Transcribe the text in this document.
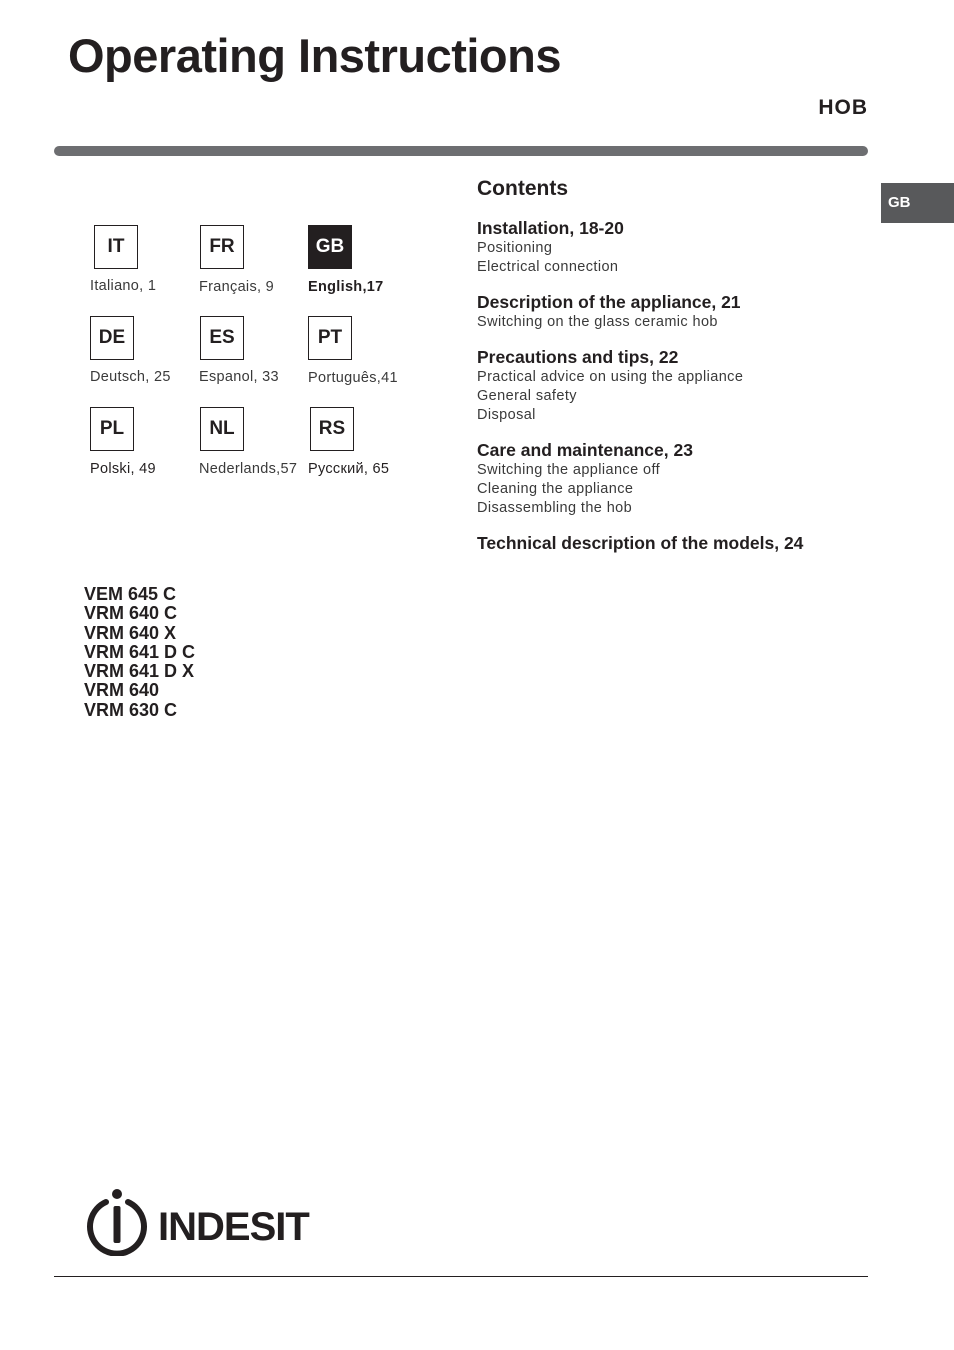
Operating Instructions
HOB
GB
IT
Italiano, 1
FR
Français, 9
GB
English,17
DE
Deutsch, 25
ES
Espanol, 33
PT
Português,41
PL
Polski, 49
NL
Nederlands,57
RS
Русский, 65
VEM 645 C
VRM 640 C
VRM 640 X
VRM 641 D C
VRM 641 D X
VRM 640
VRM 630 C
Contents
Installation, 18-20
Positioning
Electrical connection
Description of the appliance, 21
Switching on the glass ceramic hob
Precautions and tips, 22
Practical advice on using the appliance
General safety
Disposal
Care and maintenance, 23
Switching the appliance off
Cleaning the appliance
Disassembling the hob
Technical description of the models, 24
INDESIT
